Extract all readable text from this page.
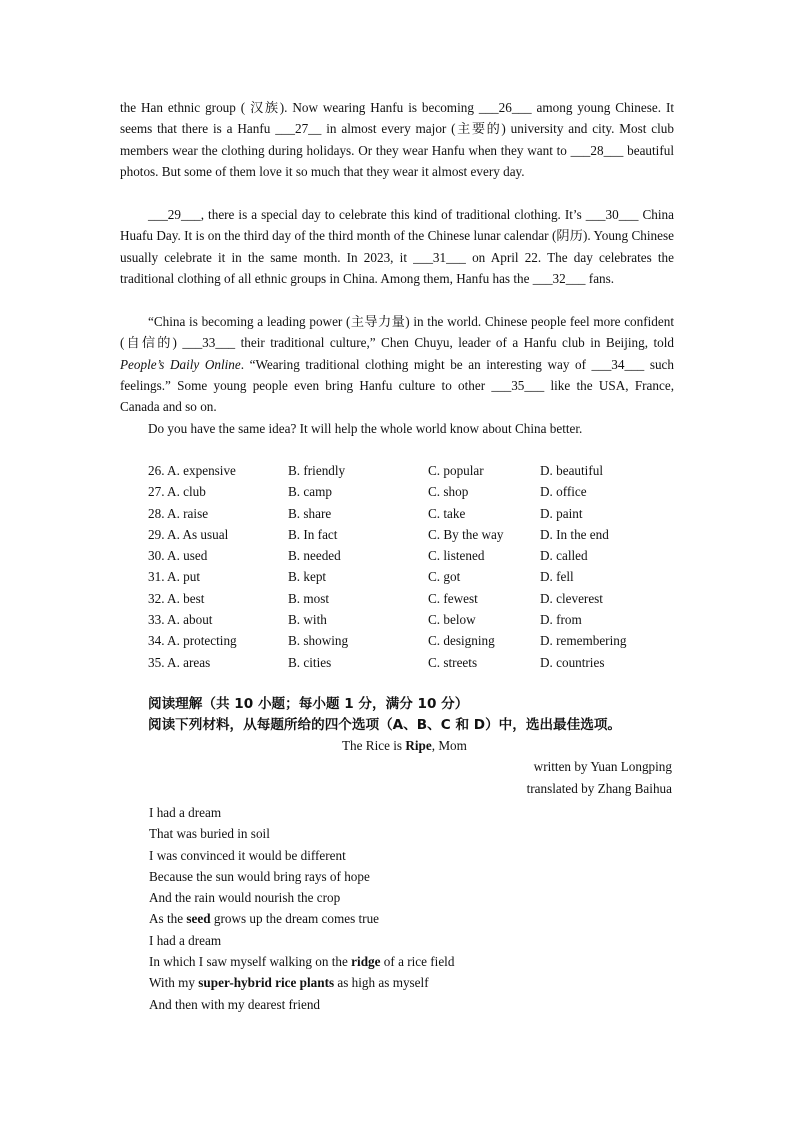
the Han ethnic group ( 汉族). Now wearing Hanfu is becoming ___26___ among young Chinese. It seems that there is a Hanfu ___27__ in almost every major (主要的) university and city. Most club members wear the clothing during holidays. Or they wear Hanfu when they want to ___28___ beautiful photos. But some of them love it so much that they wear it almost every day.

___29___, there is a special day to celebrate this kind of traditional clothing. It’s ___30___ China Huafu Day. It is on the third day of the third month of the Chinese lunar calendar (阴历). Young Chinese usually celebrate it in the same month. In 2023, it ___31___ on April 22. The day celebrates the traditional clothing of all ethnic groups in China. Among them, Hanfu has the ___32___ fans.

“China is becoming a leading power (主导力量) in the world. Chinese people feel more confident (自信的) ___33___ their traditional culture,” Chen Chuyu, leader of a Hanfu club in Beijing, told People’s Daily Online. “Wearing traditional clothing might be an interesting way of ___34___ such feelings.” Some young people even bring Hanfu culture to other ___35___ like the USA, France, Canada and so on.

Do you have the same idea? It will help the whole world know about China better.

26. A. expensive	B. friendly	C. popular	D. beautiful
27. A. club	B. camp	C. shop	D. office
28. A. raise	B. share	C. take	D. paint
29. A. As usual	B. In fact	C. By the way	D. In the end
30. A. used	B. needed	C. listened	D. called
31. A. put	B. kept	C. got	D. fell
32. A. best	B. most	C. fewest	D. cleverest
33. A. about	B. with	C. below	D. from
34. A. protecting	B. showing	C. designing	D. remembering
35. A. areas	B. cities	C. streets	D. countries
阅读理解（共 10 小题；每小题 1 分，满分 10 分）
阅读下列材料，从每题所给的四个选项（A、B、C 和 D）中，选出最佳选项。
The Rice is Ripe, Mom
written by Yuan Longping
translated by Zhang Baihua
I had a dream
That was buried in soil
I was convinced it would be different
Because the sun would bring rays of hope
And the rain would nourish the crop
As the seed grows up the dream comes true
I had a dream
In which I saw myself walking on the ridge of a rice field
With my super-hybrid rice plants as high as myself
And then with my dearest friend
